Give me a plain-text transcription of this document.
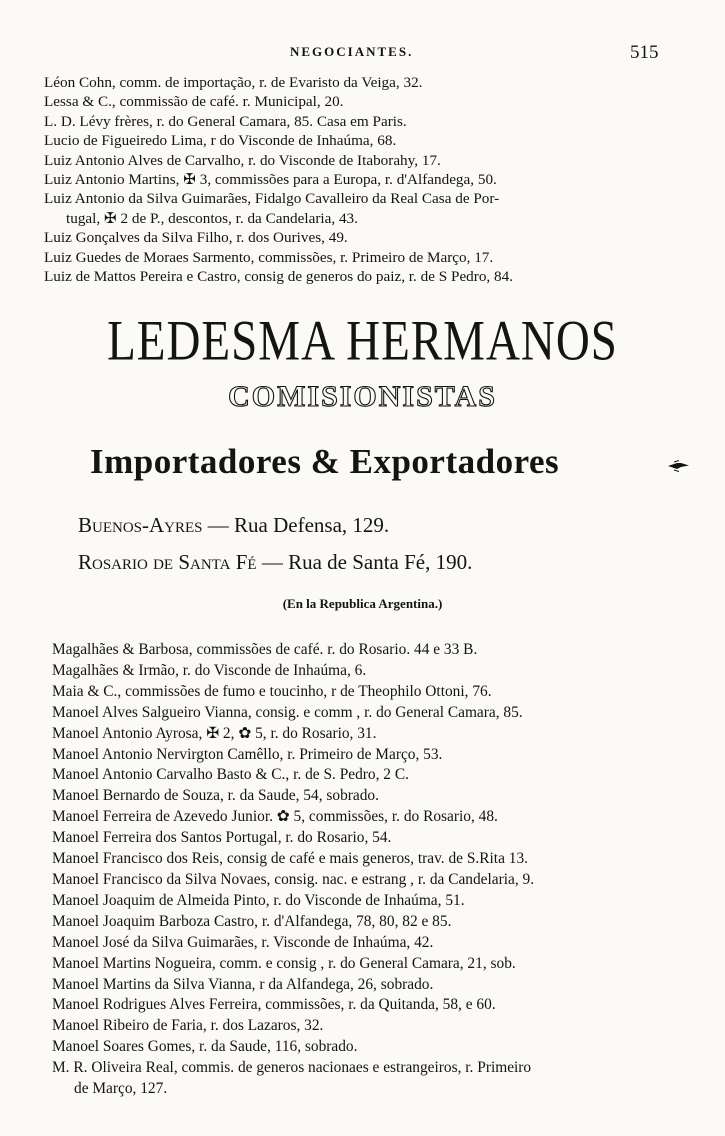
NEGOCIANTES.	515
Léon Cohn, comm. de importação, r. de Evaristo da Veiga, 32.
Lessa & C., commissão de café. r. Municipal, 20.
L. D. Lévy frères, r. do General Camara, 85. Casa em Paris.
Lucio de Figueiredo Lima, r do Visconde de Inhaúma, 68.
Luiz Antonio Alves de Carvalho, r. do Visconde de Itaborahy, 17.
Luiz Antonio Martins, ✠ 3, commissões para a Europa, r. d'Alfandega, 50.
Luiz Antonio da Silva Guimarães, Fidalgo Cavalleiro da Real Casa de Por-
tugal, ✠ 2 de P., descontos, r. da Candelaria, 43.
Luiz Gonçalves da Silva Filho, r. dos Ourives, 49.
Luiz Guedes de Moraes Sarmento, commissões, r. Primeiro de Março, 17.
Luiz de Mattos Pereira e Castro, consig de generos do paiz, r. de S Pedro, 84.
LEDESMA HERMANOS
COMISIONISTAS
Importadores & Exportadores
Buenos-Ayres — Rua Defensa, 129.
Rosario de Santa Fé — Rua de Santa Fé, 190.
(En la Republica Argentina.)
Magalhães & Barbosa, commissões de café. r. do Rosario. 44 e 33 B.
Magalhães & Irmão, r. do Visconde de Inhaúma, 6.
Maia & C., commissões de fumo e toucinho, r de Theophilo Ottoni, 76.
Manoel Alves Salgueiro Vianna, consig. e comm , r. do General Camara, 85.
Manoel Antonio Ayrosa, ✠ 2, ✿ 5, r. do Rosario, 31.
Manoel Antonio Nervirgton Camêllo, r. Primeiro de Março, 53.
Manoel Antonio Carvalho Basto & C., r. de S. Pedro, 2 C.
Manoel Bernardo de Souza, r. da Saude, 54, sobrado.
Manoel Ferreira de Azevedo Junior. ✿ 5, commissões, r. do Rosario, 48.
Manoel Ferreira dos Santos Portugal, r. do Rosario, 54.
Manoel Francisco dos Reis, consig de café e mais generos, trav. de S.Rita 13.
Manoel Francisco da Silva Novaes, consig. nac. e estrang , r. da Candelaria, 9.
Manoel Joaquim de Almeida Pinto, r. do Visconde de Inhaúma, 51.
Manoel Joaquim Barboza Castro, r. d'Alfandega, 78, 80, 82 e 85.
Manoel José da Silva Guimarães, r. Visconde de Inhaúma, 42.
Manoel Martins Nogueira, comm. e consig , r. do General Camara, 21, sob.
Manoel Martins da Silva Vianna, r da Alfandega, 26, sobrado.
Manoel Rodrigues Alves Ferreira, commissões, r. da Quitanda, 58, e 60.
Manoel Ribeiro de Faria, r. dos Lazaros, 32.
Manoel Soares Gomes, r. da Saude, 116, sobrado.
M. R. Oliveira Real, commis. de generos nacionaes e estrangeiros, r. Primeiro
de Março, 127.
